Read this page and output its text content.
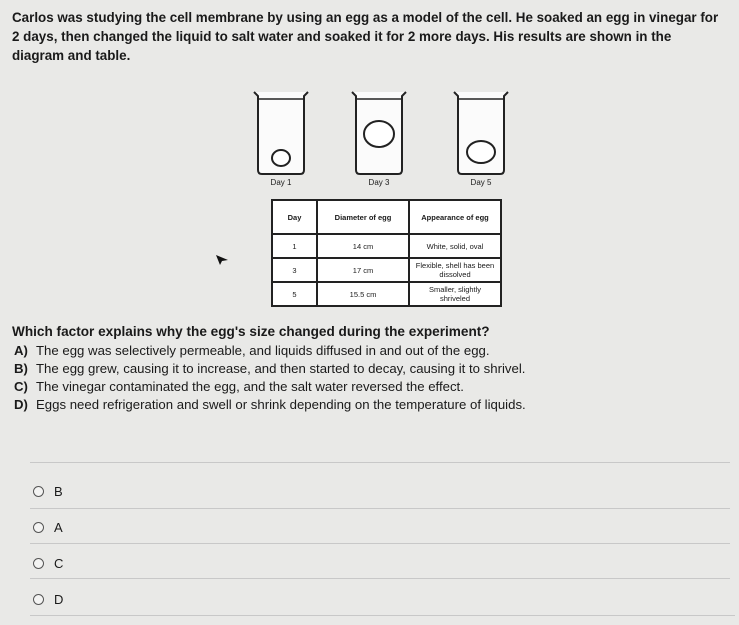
Carlos was studying the cell membrane by using an egg as a model of the cell. He soaked an egg in vinegar for 2 days, then changed the liquid to salt water and soaked it for 2 more days. His results are shown in the diagram and table.
Day 1	Day 3	Day 5
Day	Diameter of egg	Appearance of egg
1	14 cm	White, solid, oval
3	17 cm	Flexible, shell has been dissolved
5	15.5 cm	Smaller, slightly shriveled
Which factor explains why the egg's size changed during the experiment?
A) The egg was selectively permeable, and liquids diffused in and out of the egg.
B) The egg grew, causing it to increase, and then started to decay, causing it to shrivel.
C) The vinegar contaminated the egg, and the salt water reversed the effect.
D) Eggs need refrigeration and swell or shrink depending on the temperature of liquids.
B
A
C
D
